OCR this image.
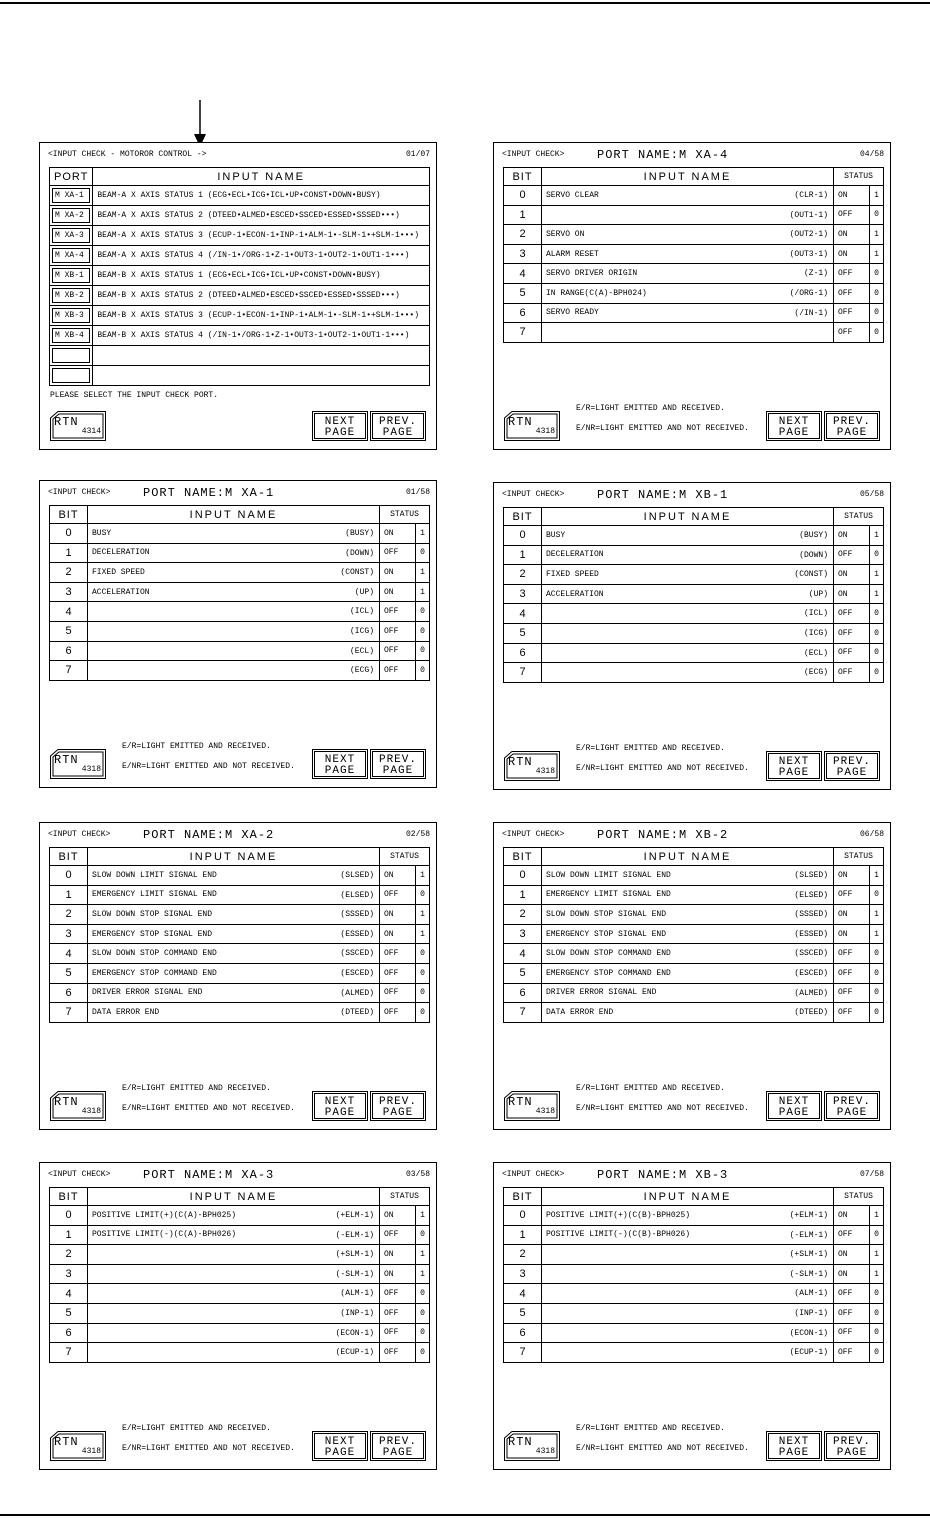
<INPUT CHECK - MOTOROR CONTROL ->	01/07
PORT	INPUT NAME

M XA-1	BEAM-A X AXIS STATUS 1 (ECG•ECL•ICG•ICL•UP•CONST•DOWN•BUSY)

M XA-2	BEAM-A X AXIS STATUS 2 (DTEED•ALMED•ESCED•SSCED•ESSED•SSSED•••)

M XA-3	BEAM-A X AXIS STATUS 3 (ECUP-1•ECON-1•INP-1•ALM-1•-SLM-1•+SLM-1•••)

M XA-4	BEAM-A X AXIS STATUS 4 (/IN-1•/ORG-1•Z-1•OUT3-1•OUT2-1•OUT1-1•••)

M XB-1	BEAM-B X AXIS STATUS 1 (ECG•ECL•ICG•ICL•UP•CONST•DOWN•BUSY)

M XB-2	BEAM-B X AXIS STATUS 2 (DTEED•ALMED•ESCED•SSCED•ESSED•SSSED•••)

M XB-3	BEAM-B X AXIS STATUS 3 (ECUP-1•ECON-1•INP-1•ALM-1•-SLM-1•+SLM-1•••)

M XB-4	BEAM-B X AXIS STATUS 4 (/IN-1•/ORG-1•Z-1•OUT3-1•OUT2-1•OUT1-1•••)

PLEASE SELECT THE INPUT CHECK PORT.
RTN
4314
NEXT
PAGE
PREV.
PAGE
<INPUT CHECK>	PORT NAME:M XA-1	01/58
BIT	INPUT NAME	STATUS	
0	BUSY (BUSY)	ON	1
1	DECELERATION (DOWN)	OFF	0
2	FIXED SPEED (CONST)	ON	1
3	ACCELERATION (UP)	ON	1
4	(ICL)	OFF	0
5	(ICG)	OFF	0
6	(ECL)	OFF	0
7	(ECG)	OFF	0
E/R=LIGHT EMITTED AND RECEIVED.
E/NR=LIGHT EMITTED AND NOT RECEIVED.
RTN
4318
NEXT
PAGE
PREV.
PAGE
<INPUT CHECK>	PORT NAME:M XA-2	02/58
BIT	INPUT NAME	STATUS	
0	SLOW DOWN LIMIT SIGNAL END (SLSED)	ON	1
1	EMERGENCY LIMIT SIGNAL END (ELSED)	OFF	0
2	SLOW DOWN STOP SIGNAL END (SSSED)	ON	1
3	EMERGENCY STOP SIGNAL END (ESSED)	ON	1
4	SLOW DOWN STOP COMMAND END (SSCED)	OFF	0
5	EMERGENCY STOP COMMAND END (ESCED)	OFF	0
6	DRIVER ERROR SIGNAL END (ALMED)	OFF	0
7	DATA ERROR END (DTEED)	OFF	0
E/R=LIGHT EMITTED AND RECEIVED.
E/NR=LIGHT EMITTED AND NOT RECEIVED.
RTN
4318
NEXT
PAGE
PREV.
PAGE
<INPUT CHECK>	PORT NAME:M XA-3	03/58
BIT	INPUT NAME	STATUS	
0	POSITIVE LIMIT(+)(C(A)-BPH025) (+ELM-1)	ON	1
1	POSITIVE LIMIT(-)(C(A)-BPH026) (-ELM-1)	OFF	0
2	(+SLM-1)	ON	1
3	(-SLM-1)	ON	1
4	(ALM-1)	OFF	0
5	(INP-1)	OFF	0
6	(ECON-1)	OFF	0
7	(ECUP-1)	OFF	0
E/R=LIGHT EMITTED AND RECEIVED.
E/NR=LIGHT EMITTED AND NOT RECEIVED.
RTN
4318
NEXT
PAGE
PREV.
PAGE
<INPUT CHECK>	PORT NAME:M XA-4	04/58
BIT	INPUT NAME	STATUS	
0	SERVO CLEAR (CLR-1)	ON	1
1	(OUT1-1)	OFF	0
2	SERVO ON (OUT2-1)	ON	1
3	ALARM RESET (OUT3-1)	ON	1
4	SERVO DRIVER ORIGIN (Z-1)	OFF	0
5	IN RANGE(C(A)-BPH024) (/ORG-1)	OFF	0
6	SERVO READY (/IN-1)	OFF	0
7		OFF	0
E/R=LIGHT EMITTED AND RECEIVED.
E/NR=LIGHT EMITTED AND NOT RECEIVED.
RTN
4318
NEXT
PAGE
PREV.
PAGE
<INPUT CHECK>	PORT NAME:M XB-1	05/58
BIT	INPUT NAME	STATUS	
0	BUSY (BUSY)	ON	1
1	DECELERATION (DOWN)	OFF	0
2	FIXED SPEED (CONST)	ON	1
3	ACCELERATION (UP)	ON	1
4	(ICL)	OFF	0
5	(ICG)	OFF	0
6	(ECL)	OFF	0
7	(ECG)	OFF	0
E/R=LIGHT EMITTED AND RECEIVED.
E/NR=LIGHT EMITTED AND NOT RECEIVED.
RTN
4318
NEXT
PAGE
PREV.
PAGE
<INPUT CHECK>	PORT NAME:M XB-2	06/58
BIT	INPUT NAME	STATUS	
0	SLOW DOWN LIMIT SIGNAL END (SLSED)	ON	1
1	EMERGENCY LIMIT SIGNAL END (ELSED)	OFF	0
2	SLOW DOWN STOP SIGNAL END (SSSED)	ON	1
3	EMERGENCY STOP SIGNAL END (ESSED)	ON	1
4	SLOW DOWN STOP COMMAND END (SSCED)	OFF	0
5	EMERGENCY STOP COMMAND END (ESCED)	OFF	0
6	DRIVER ERROR SIGNAL END (ALMED)	OFF	0
7	DATA ERROR END (DTEED)	OFF	0
E/R=LIGHT EMITTED AND RECEIVED.
E/NR=LIGHT EMITTED AND NOT RECEIVED.
RTN
4318
NEXT
PAGE
PREV.
PAGE
<INPUT CHECK>	PORT NAME:M XB-3	07/58
BIT	INPUT NAME	STATUS	
0	POSITIVE LIMIT(+)(C(B)-BPH025) (+ELM-1)	ON	1
1	POSITIVE LIMIT(-)(C(B)-BPH026) (-ELM-1)	OFF	0
2	(+SLM-1)	ON	1
3	(-SLM-1)	ON	1
4	(ALM-1)	OFF	0
5	(INP-1)	OFF	0
6	(ECON-1)	OFF	0
7	(ECUP-1)	OFF	0
E/R=LIGHT EMITTED AND RECEIVED.
E/NR=LIGHT EMITTED AND NOT RECEIVED.
RTN
4318
NEXT
PAGE
PREV.
PAGE
